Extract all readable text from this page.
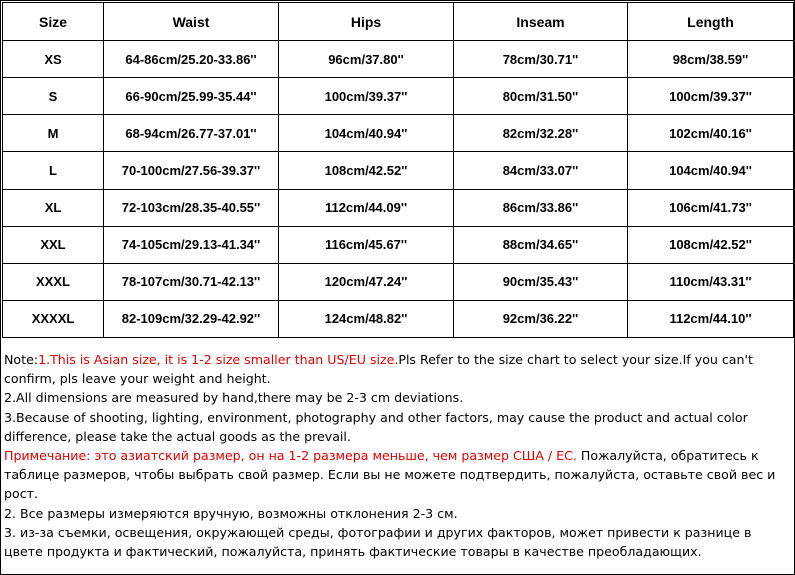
Size	Waist	Hips	Inseam	Length
XS	64-86cm/25.20-33.86''	96cm/37.80''	78cm/30.71''	98cm/38.59''
S	66-90cm/25.99-35.44''	100cm/39.37''	80cm/31.50''	100cm/39.37''
M	68-94cm/26.77-37.01''	104cm/40.94''	82cm/32.28''	102cm/40.16''
L	70-100cm/27.56-39.37''	108cm/42.52''	84cm/33.07''	104cm/40.94''
XL	72-103cm/28.35-40.55''	112cm/44.09''	86cm/33.86''	106cm/41.73''
XXL	74-105cm/29.13-41.34''	116cm/45.67''	88cm/34.65''	108cm/42.52''
XXXL	78-107cm/30.71-42.13''	120cm/47.24''	90cm/35.43''	110cm/43.31''
XXXXL	82-109cm/32.29-42.92''	124cm/48.82''	92cm/36.22''	112cm/44.10''

Note:1.This is Asian size, it is 1-2 size smaller than US/EU size.Pls Refer to the size chart to select your size.If you can't confirm, pls leave your weight and height.

2.All dimensions are measured by hand,there may be 2-3 cm deviations.

3.Because of shooting, lighting, environment, photography and other factors, may cause the product and actual color difference, please take the actual goods as the prevail.

Примечание: это азиатский размер, он на 1-2 размера меньше, чем размер США / ЕС. Пожалуйста, обратитесь к таблице размеров, чтобы выбрать свой размер. Если вы не можете подтвердить, пожалуйста, оставьте свой вес и рост.

2. Все размеры измеряются вручную, возможны отклонения 2-3 см.

3. из-за съемки, освещения, окружающей среды, фотографии и других факторов, может привести к разнице в цвете продукта и фактический, пожалуйста, принять фактические товары в качестве преобладающих.
